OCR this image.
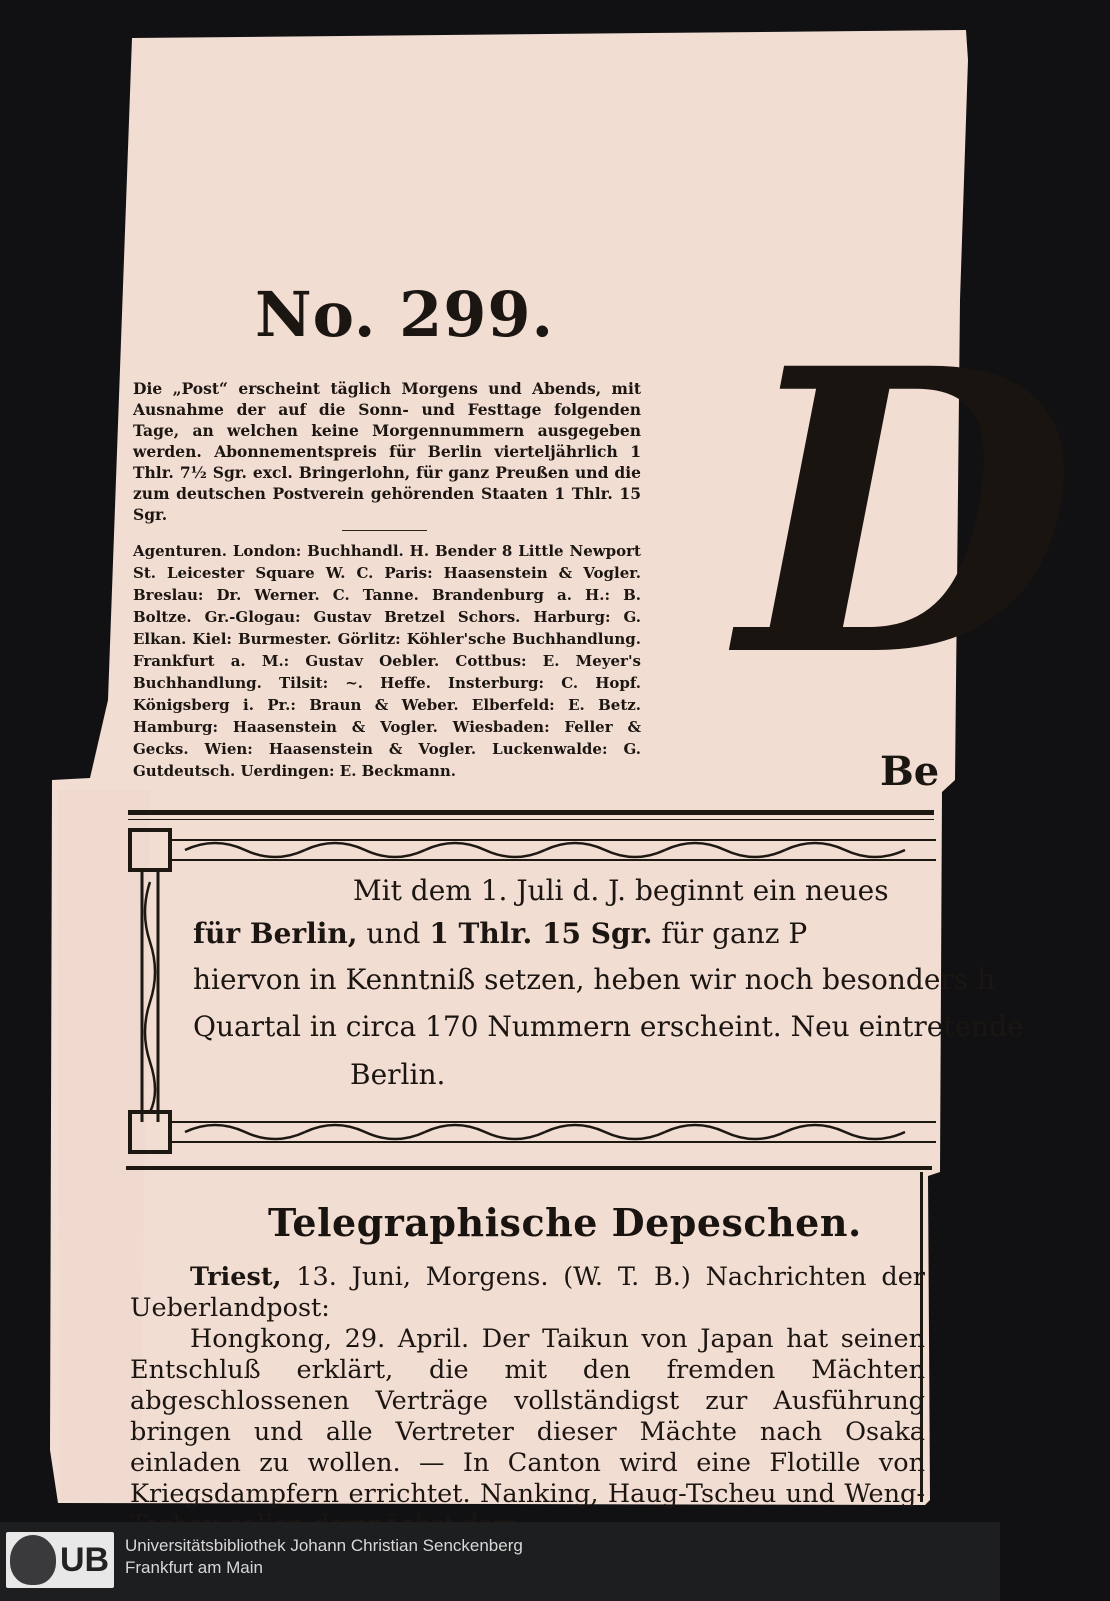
No. 299.
Die „Post“ erscheint täglich Morgens und Abends, mit Ausnahme der auf die Sonn- und Festtage folgenden Tage, an welchen keine Morgennummern ausgegeben werden. Abonnementspreis für Berlin vierteljährlich 1 Thlr. 7½ Sgr. excl. Bringerlohn, für ganz Preußen und die zum deutschen Postverein gehörenden Staaten 1 Thlr. 15 Sgr.
Agenturen. London: Buchhandl. H. Bender 8 Little Newport St. Leicester Square W. C. Paris: Haasenstein & Vogler. Breslau: Dr. Werner. C. Tanne. Brandenburg a. H.: B. Boltze. Gr.-Glogau: Gustav Bretzel Schors. Harburg: G. Elkan. Kiel: Burmester. Görlitz: Köhler'sche Buchhandlung. Frankfurt a. M.: Gustav Oebler. Cottbus: E. Meyer's Buchhandlung. Tilsit: ~. Heffe. Insterburg: C. Hopf. Königsberg i. Pr.: Braun & Weber. Elberfeld: E. Betz. Hamburg: Haasenstein & Vogler. Wiesbaden: Feller & Gecks. Wien: Haasenstein & Vogler. Luckenwalde: G. Gutdeutsch. Uerdingen: E. Beckmann.
D
Be
Mit dem 1. Juli d. J. beginnt ein neues
für Berlin, und 1 Thlr. 15 Sgr. für ganz P
hiervon in Kenntniß setzen, heben wir noch besonders h
Quartal in circa 170 Nummern erscheint. Neu eintretende
Berlin.
Telegraphische Depeschen.

Triest, 13. Juni, Morgens. (W. T. B.) Nachrichten der Ueberlandpost:

Hongkong, 29. April. Der Taikun von Japan hat seinen Entschluß erklärt, die mit den fremden Mächten abgeschlossenen Verträge vollständigst zur Ausführung bringen und alle Vertreter dieser Mächte nach Osaka einladen zu wollen. — In Canton wird eine Flotille von Kriegsdampfern errichtet. Nanking, Haug-Tscheu und Weng-

UB Universitätsbibliothek Johann Christian Senckenberg
Frankfurt am Main
